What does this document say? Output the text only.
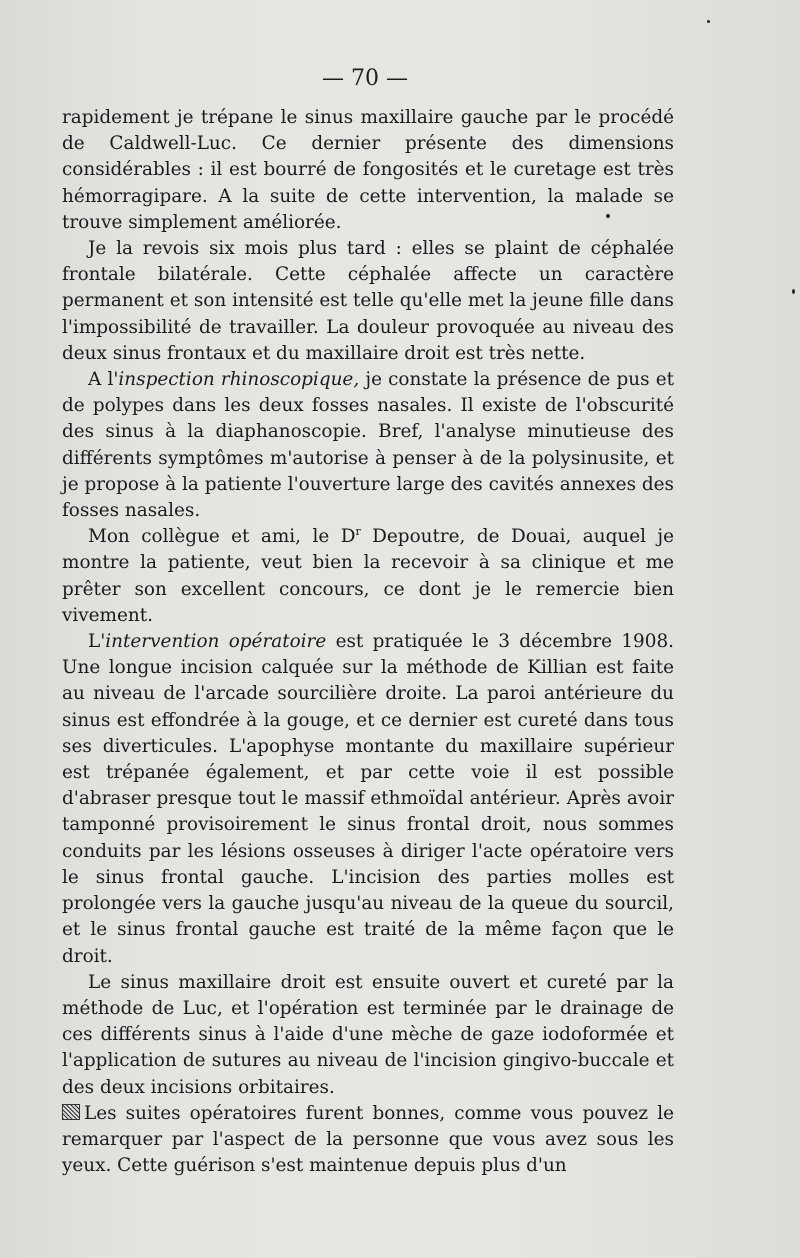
— 70 —

rapidement je trépane le sinus maxillaire gauche par le procédé de Caldwell-Luc. Ce dernier présente des dimensions considérables : il est bourré de fongosités et le curetage est très hémorragipare. A la suite de cette intervention, la malade se trouve simplement améliorée.

Je la revois six mois plus tard : elles se plaint de céphalée frontale bilatérale. Cette céphalée affecte un caractère permanent et son intensité est telle qu'elle met la jeune fille dans l'impossibilité de travailler. La douleur provoquée au niveau des deux sinus frontaux et du maxillaire droit est très nette.

A l'inspection rhinoscopique, je constate la présence de pus et de polypes dans les deux fosses nasales. Il existe de l'obscurité des sinus à la diaphanoscopie. Bref, l'analyse minutieuse des différents symptômes m'autorise à penser à de la polysinusite, et je propose à la patiente l'ouverture large des cavités annexes des fosses nasales.

Mon collègue et ami, le $D^r$ Depoutre, de Douai, auquel je montre la patiente, veut bien la recevoir à sa clinique et me prêter son excellent concours, ce dont je le remercie bien vivement.

L'intervention opératoire est pratiquée le 3 décembre 1908. Une longue incision calquée sur la méthode de Killian est faite au niveau de l'arcade sourcilière droite. La paroi antérieure du sinus est effondrée à la gouge, et ce dernier est cureté dans tous ses diverticules. L'apophyse montante du maxillaire supérieur est trépanée également, et par cette voie il est possible d'abraser presque tout le massif ethmoïdal antérieur. Après avoir tamponné provisoirement le sinus frontal droit, nous sommes conduits par les lésions osseuses à diriger l'acte opératoire vers le sinus frontal gauche. L'incision des parties molles est prolongée vers la gauche jusqu'au niveau de la queue du sourcil, et le sinus frontal gauche est traité de la même façon que le droit.

Le sinus maxillaire droit est ensuite ouvert et cureté par la méthode de Luc, et l'opération est terminée par le drainage de ces différents sinus à l'aide d'une mèche de gaze iodoformée et l'application de sutures au niveau de l'incision gingivo-buccale et des deux incisions orbitaires.

Les suites opératoires furent bonnes, comme vous pouvez le remarquer par l'aspect de la personne que vous avez sous les yeux. Cette guérison s'est maintenue depuis plus d'un
